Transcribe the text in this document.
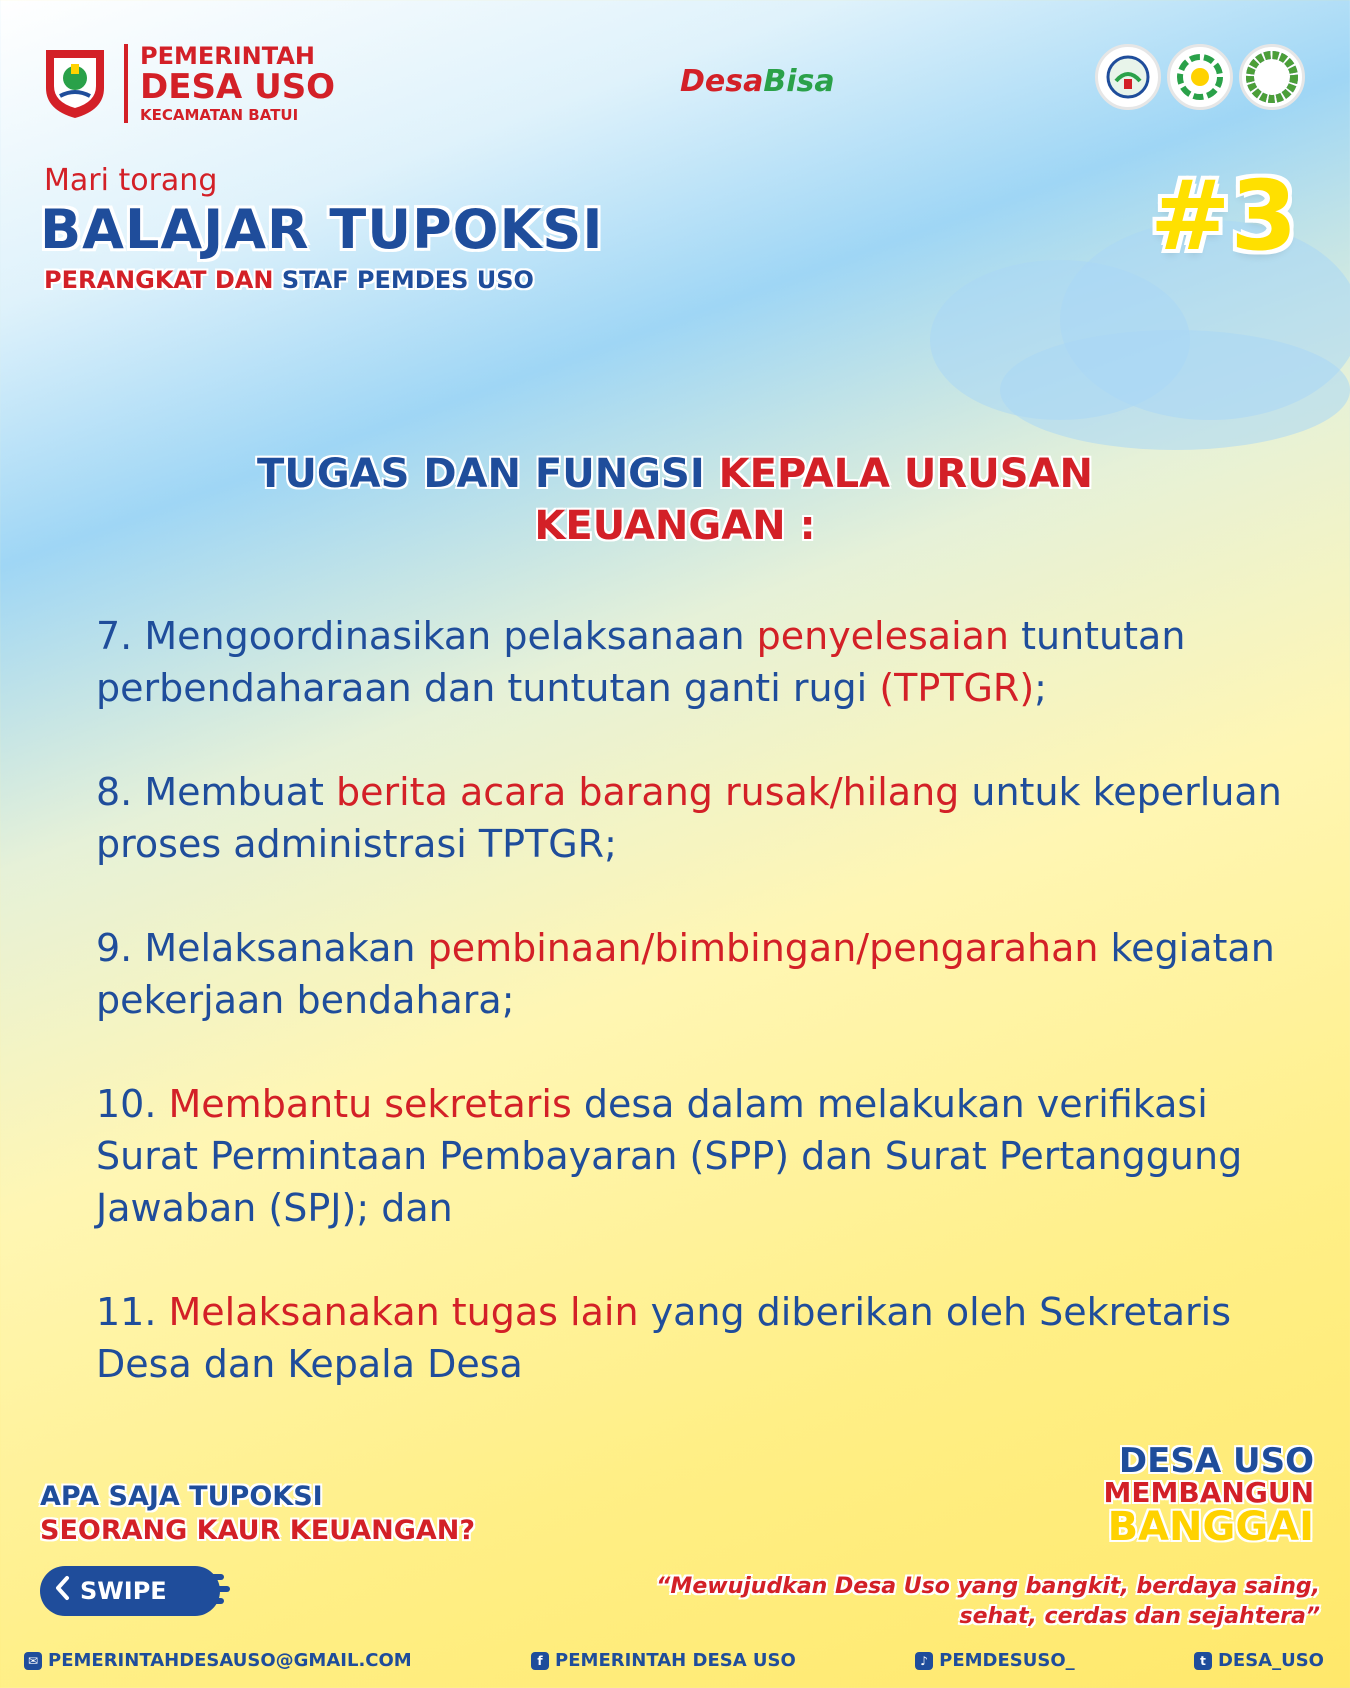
PEMERINTAH
DESA USO
KECAMATAN BATUI
DesaBisa
Mari torang
BALAJAR TUPOKSI
PERANGKAT DAN STAF PEMDES USO
#3
TUGAS DAN FUNGSI KEPALA URUSAN
KEUANGAN :
7. Mengoordinasikan pelaksanaan penyelesaian tuntutan perbendaharaan dan tuntutan ganti rugi (TPTGR);
8. Membuat berita acara barang rusak/hilang untuk keperluan proses administrasi TPTGR;
9. Melaksanakan pembinaan/bimbingan/pengarahan kegiatan pekerjaan bendahara;
10. Membantu sekretaris desa dalam melakukan verifikasi Surat Permintaan Pembayaran (SPP) dan Surat Pertanggung Jawaban (SPJ); dan
11. Melaksanakan tugas lain yang diberikan oleh Sekretaris Desa dan Kepala Desa
APA SAJA TUPOKSI
SEORANG KAUR KEUANGAN?
SWIPE
DESA USO
MEMBANGUN
BANGGAI
“Mewujudkan Desa Uso yang bangkit, berdaya saing,
sehat, cerdas dan sejahtera”
✉ PEMERINTAHDESAUSO@GMAIL.COM	f PEMERINTAH DESA USO	♪ PEMDESUSO_	t DESA_USO
